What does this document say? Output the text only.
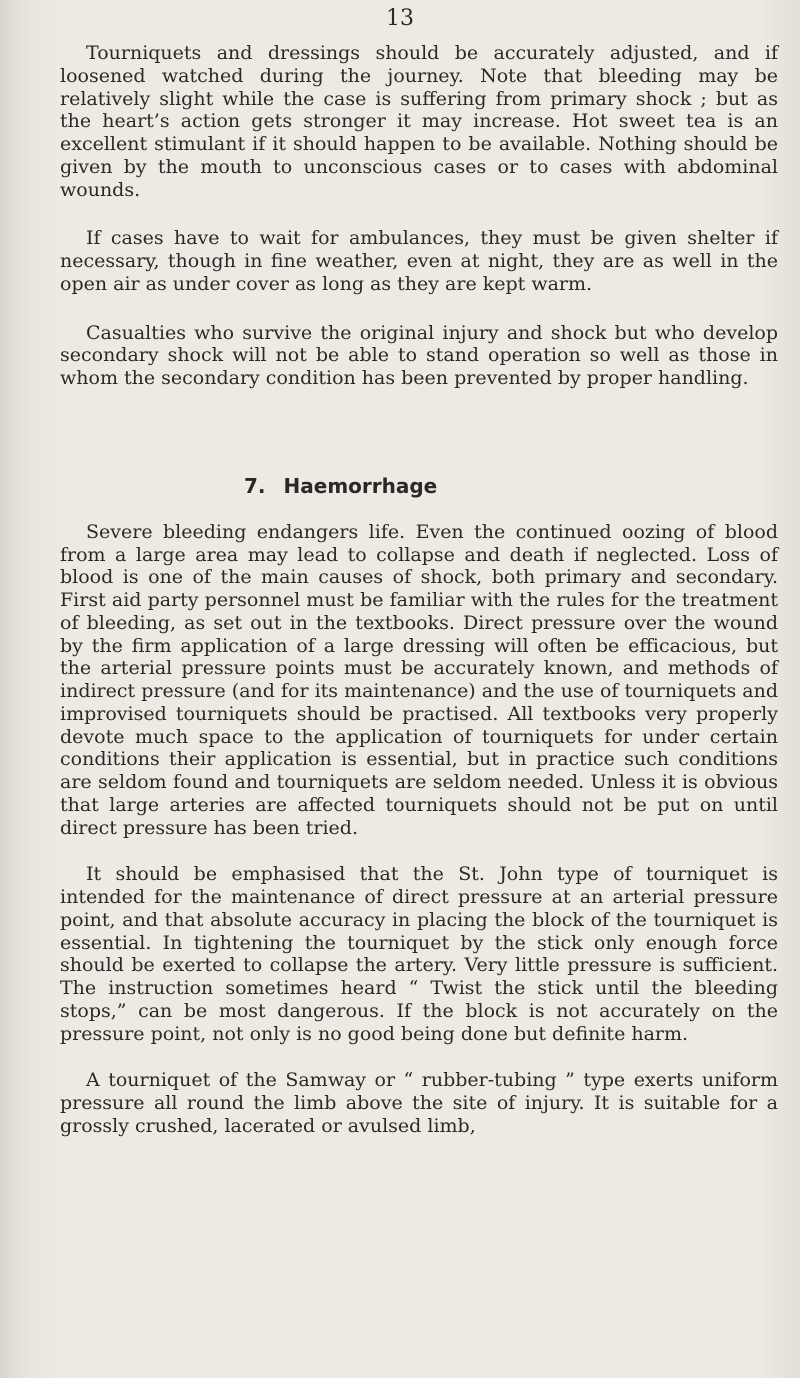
13

Tourniquets and dressings should be accurately adjusted, and if loosened watched during the journey. Note that bleeding may be relatively slight while the case is suffering from primary shock ; but as the heart’s action gets stronger it may increase. Hot sweet tea is an excellent stimulant if it should happen to be available. Nothing should be given by the mouth to unconscious cases or to cases with abdominal wounds.

If cases have to wait for ambulances, they must be given shelter if necessary, though in fine weather, even at night, they are as well in the open air as under cover as long as they are kept warm.

Casualties who survive the original injury and shock but who develop secondary shock will not be able to stand operation so well as those in whom the secondary condition has been prevented by proper handling.

7. Haemorrhage

Severe bleeding endangers life. Even the continued oozing of blood from a large area may lead to collapse and death if neglected. Loss of blood is one of the main causes of shock, both primary and secondary. First aid party personnel must be familiar with the rules for the treatment of bleeding, as set out in the textbooks. Direct pressure over the wound by the firm application of a large dressing will often be efficacious, but the arterial pressure points must be accurately known, and methods of indirect pressure (and for its maintenance) and the use of tourniquets and improvised tourniquets should be practised. All textbooks very properly devote much space to the application of tourniquets for under certain conditions their application is essential, but in practice such conditions are seldom found and tourniquets are seldom needed. Unless it is obvious that large arteries are affected tourniquets should not be put on until direct pressure has been tried.

It should be emphasised that the St. John type of tourniquet is intended for the maintenance of direct pressure at an arterial pressure point, and that absolute accuracy in placing the block of the tourniquet is essential. In tightening the tourniquet by the stick only enough force should be exerted to collapse the artery. Very little pressure is sufficient. The instruction sometimes heard “ Twist the stick until the bleeding stops,” can be most dangerous. If the block is not accurately on the pressure point, not only is no good being done but definite harm.

A tourniquet of the Samway or “ rubber-tubing ” type exerts uniform pressure all round the limb above the site of injury. It is suitable for a grossly crushed, lacerated or avulsed limb,
